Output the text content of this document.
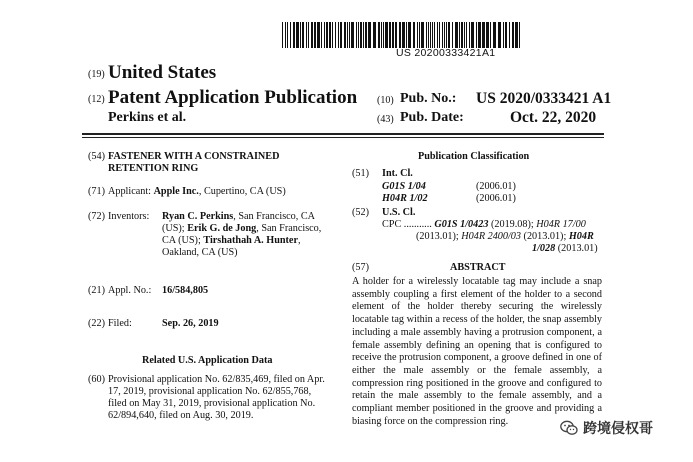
US 20200333421A1
(19) United States
(12) Patent Application Publication
Perkins et al.
(10) Pub. No.: US 2020/0333421 A1
(43) Pub. Date:	Oct. 22, 2020
(54) FASTENER WITH A CONSTRAINED
RETENTION RING
(71) Applicant: Apple Inc., Cupertino, CA (US)
(72) Inventors: Ryan C. Perkins, San Francisco, CA
(US); Erik G. de Jong, San Francisco,
CA (US); Tirshathah A. Hunter,
Oakland, CA (US)
(21) Appl. No.: 16/584,805
(22) Filed:	Sep. 26, 2019
Related U.S. Application Data
(60) Provisional application No. 62/835,469, filed on Apr.
17, 2019, provisional application No. 62/855,768,
filed on May 31, 2019, provisional application No.
62/894,640, filed on Aug. 30, 2019.
Publication Classification
(51) Int. Cl.
G01S 1/04	(2006.01)
H04R 1/02	(2006.01)
(52) U.S. Cl.
CPC ........... G01S 1/0423 (2019.08); H04R 17/00
(2013.01); H04R 2400/03 (2013.01); H04R
1/028 (2013.01)
(57)	ABSTRACT
A holder for a wirelessly locatable tag may include a snap assembly coupling a first element of the holder to a second element of the holder thereby securing the wirelessly locatable tag within a recess of the holder, the snap assembly including a male assembly having a protrusion component, a female assembly defining an opening that is configured to receive the protrusion component, a groove defined in one of either the male assembly or the female assembly, a compression ring positioned in the groove and configured to retain the male assembly to the female assembly, and a compliant member positioned in the groove and providing a biasing force on the compression ring.	跨境侵权哥
